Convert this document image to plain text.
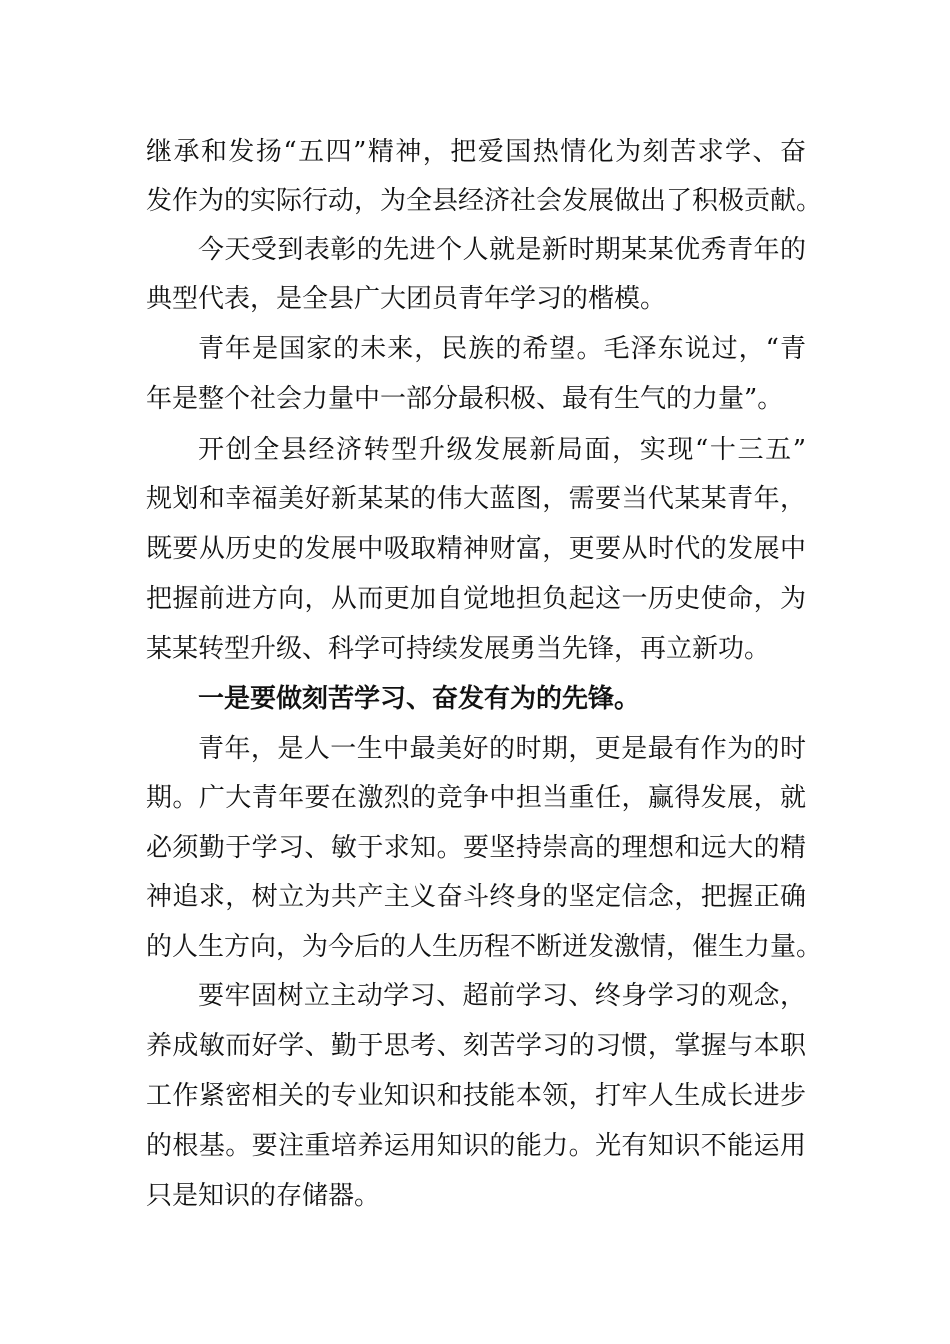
继承和发扬“五四”精神，把爱国热情化为刻苦求学、奋
发作为的实际行动，为全县经济社会发展做出了积极贡献。
今天受到表彰的先进个人就是新时期某某优秀青年的
典型代表，是全县广大团员青年学习的楷模。
青年是国家的未来，民族的希望。毛泽东说过，“青
年是整个社会力量中一部分最积极、最有生气的力量”。
开创全县经济转型升级发展新局面，实现“十三五”
规划和幸福美好新某某的伟大蓝图，需要当代某某青年，
既要从历史的发展中吸取精神财富，更要从时代的发展中
把握前进方向，从而更加自觉地担负起这一历史使命，为
某某转型升级、科学可持续发展勇当先锋，再立新功。
一是要做刻苦学习、奋发有为的先锋。
青年，是人一生中最美好的时期，更是最有作为的时
期。广大青年要在激烈的竞争中担当重任，赢得发展，就
必须勤于学习、敏于求知。要坚持崇高的理想和远大的精
神追求，树立为共产主义奋斗终身的坚定信念，把握正确
的人生方向，为今后的人生历程不断迸发激情，催生力量。
要牢固树立主动学习、超前学习、终身学习的观念，
养成敏而好学、勤于思考、刻苦学习的习惯，掌握与本职
工作紧密相关的专业知识和技能本领，打牢人生成长进步
的根基。要注重培养运用知识的能力。光有知识不能运用
只是知识的存储器。
